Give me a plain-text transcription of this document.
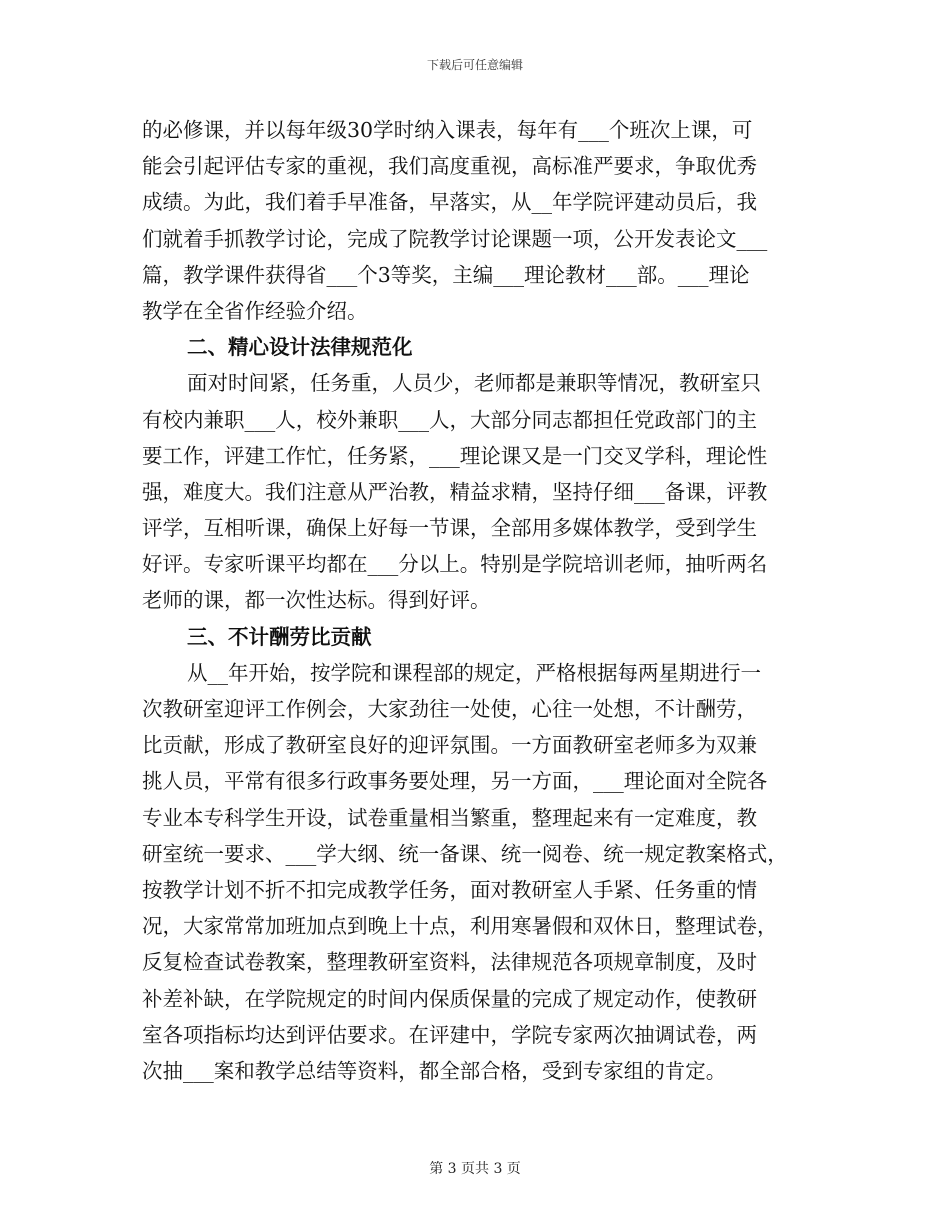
下载后可任意编辑
的必修课，并以每年级30学时纳入课表，每年有___个班次上课，可
能会引起评估专家的重视，我们高度重视，高标准严要求，争取优秀
成绩。为此，我们着手早准备，早落实，从__年学院评建动员后，我
们就着手抓教学讨论，完成了院教学讨论课题一项，公开发表论文___
篇，教学课件获得省___个3等奖，主编___理论教材___部。___理论
教学在全省作经验介绍。
二、精心设计法律规范化
面对时间紧，任务重，人员少，老师都是兼职等情况，教研室只
有校内兼职___人，校外兼职___人，大部分同志都担任党政部门的主
要工作，评建工作忙，任务紧，___理论课又是一门交叉学科，理论性
强，难度大。我们注意从严治教，精益求精，坚持仔细___备课，评教
评学，互相听课，确保上好每一节课，全部用多媒体教学，受到学生
好评。专家听课平均都在___分以上。特别是学院培训老师，抽听两名
老师的课，都一次性达标。得到好评。
三、不计酬劳比贡献
从__年开始，按学院和课程部的规定，严格根据每两星期进行一
次教研室迎评工作例会，大家劲往一处使，心往一处想，不计酬劳，
比贡献，形成了教研室良好的迎评氛围。一方面教研室老师多为双兼
挑人员，平常有很多行政事务要处理，另一方面，___理论面对全院各
专业本专科学生开设，试卷重量相当繁重，整理起来有一定难度，教
研室统一要求、___学大纲、统一备课、统一阅卷、统一规定教案格式，
按教学计划不折不扣完成教学任务，面对教研室人手紧、任务重的情
况，大家常常加班加点到晚上十点，利用寒暑假和双休日，整理试卷，
反复检查试卷教案，整理教研室资料，法律规范各项规章制度，及时
补差补缺，在学院规定的时间内保质保量的完成了规定动作，使教研
室各项指标均达到评估要求。在评建中，学院专家两次抽调试卷，两
次抽___案和教学总结等资料，都全部合格，受到专家组的肯定。
第 3 页共 3 页
